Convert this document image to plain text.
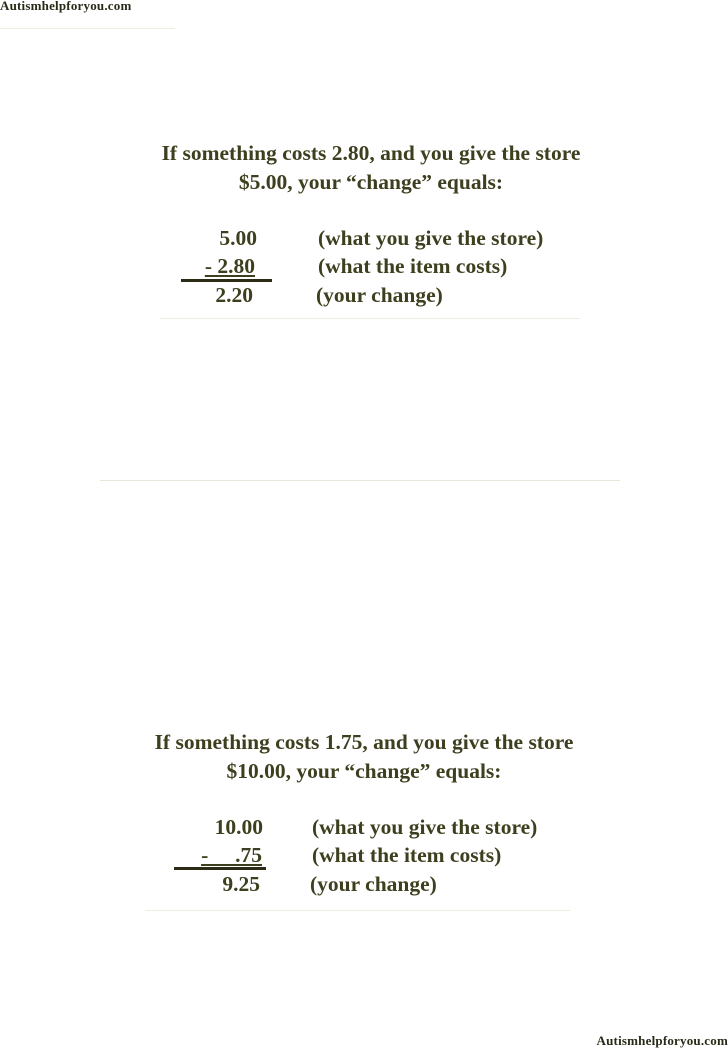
Autismhelpforyou.com

If something costs 2.80, and you give the store

$5.00, your “change” equals:

5.00	(what you give the store)
- 2.80	(what the item costs)
2.20	(your change)

If something costs 1.75, and you give the store

$10.00, your “change” equals:

10.00 (what you give the store)
-     .75 (what the item costs)
9.25 (your change)
Autismhelpforyou.com
